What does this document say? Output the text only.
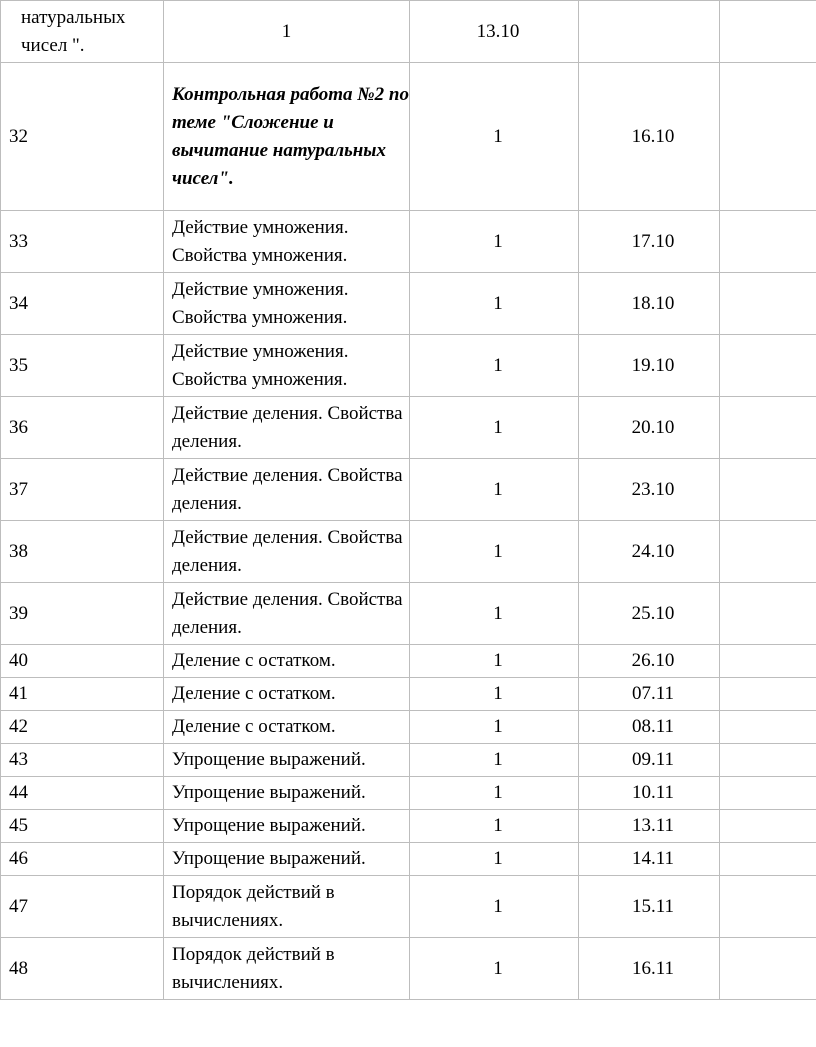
натуральных чисел ".	1	13.10		
32	Контрольная работа №2 по теме "Сложение и вычитание натуральных чисел".	1	16.10	
33	Действие умножения. Свойства умножения.	1	17.10	
34	Действие умножения. Свойства умножения.	1	18.10	
35	Действие умножения. Свойства умножения.	1	19.10	
36	Действие деления. Свойства деления.	1	20.10	
37	Действие деления. Свойства деления.	1	23.10	
38	Действие деления. Свойства деления.	1	24.10	
39	Действие деления. Свойства деления.	1	25.10	
40	Деление с остатком.	1	26.10	
41	Деление с остатком.	1	07.11	
42	Деление с остатком.	1	08.11	
43	Упрощение выражений.	1	09.11	
44	Упрощение выражений.	1	10.11	
45	Упрощение выражений.	1	13.11	
46	Упрощение выражений.	1	14.11	
47	Порядок действий в вычислениях.	1	15.11	
48	Порядок действий в вычислениях.	1	16.11	
